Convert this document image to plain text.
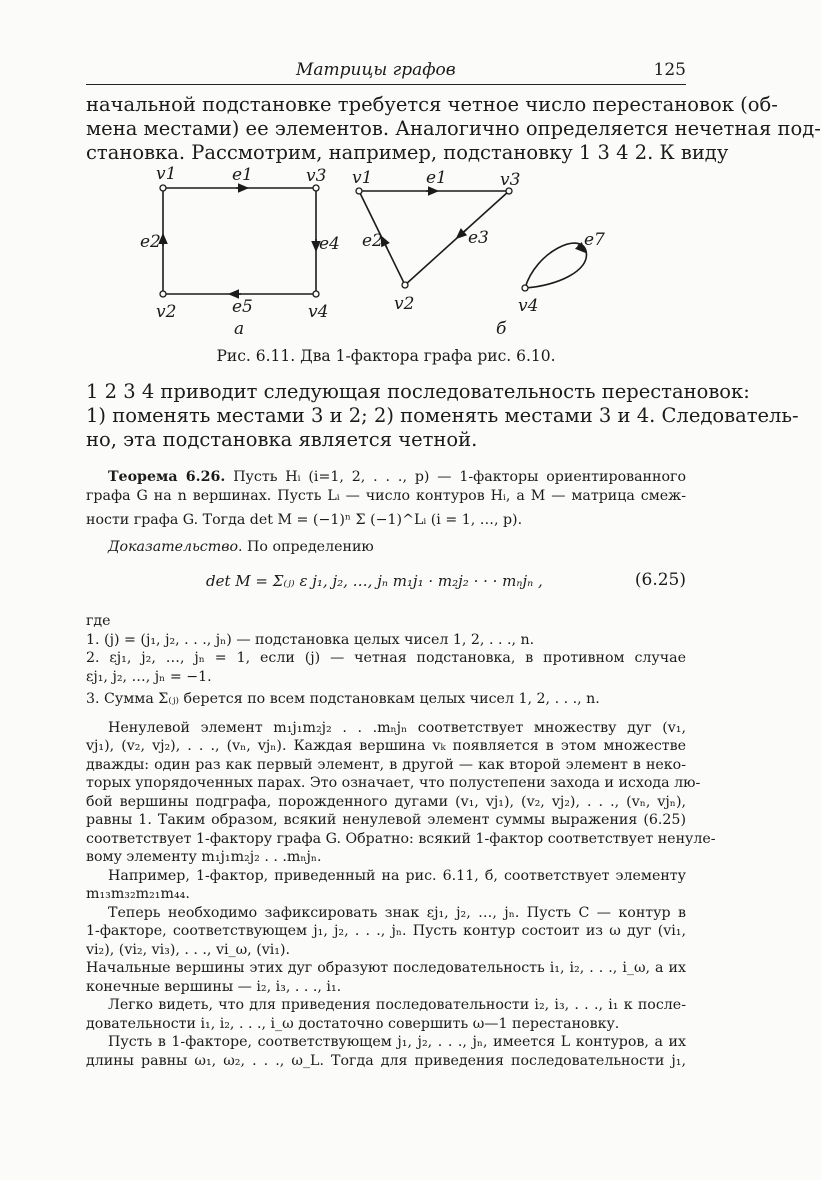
Матрицы графов	125

начальной подстановке требуется четное число перестановок (об-
мена местами) ее элементов. Аналогично определяется нечетная под-
становка. Рассмотрим, например, подстановку 1 3 4 2. К виду

v1	v3
e1
e2	e4
v2	e5	v4
а
v1	e1	v3
e2	e3	e7
v2	v4
б
Рис. 6.11. Два 1-фактора графа рис. 6.10.

1 2 3 4 приводит следующая последовательность перестановок:
1) поменять местами 3 и 2; 2) поменять местами 3 и 4. Следователь-
но, эта подстановка является четной.

Теорема 6.26. Пусть Hᵢ (i=1, 2, . . ., p) — 1-факторы ориентированного
графа G на n вершинах. Пусть Lᵢ — число контуров Hᵢ, а M — матрица смеж-
ности графа G. Тогда det M = (−1)ⁿ Σ (−1)^Lᵢ (i = 1, …, p).

Доказательство. По определению

det M = Σ₍ⱼ₎ ε j₁, j₂, …, jₙ m₁j₁ · m₂j₂ · · · mₙjₙ ,	(6.25)

где
1. (j) = (j₁, j₂, . . ., jₙ) — подстановка целых чисел 1, 2, . . ., n.
2. εj₁, j₂, …, jₙ = 1, если (j) — четная подстановка, в противном случае
εj₁, j₂, …, jₙ = −1.
3. Сумма Σ₍ⱼ₎ берется по всем подстановкам целых чисел 1, 2, . . ., n.

Ненулевой элемент m₁j₁m₂j₂ . . .mₙjₙ соответствует множеству дуг (v₁,
vj₁), (v₂, vj₂), . . ., (vₙ, vjₙ). Каждая вершина vₖ появляется в этом множестве
дважды: один раз как первый элемент, в другой — как второй элемент в неко-
торых упорядоченных парах. Это означает, что полустепени захода и исхода лю-
бой вершины подграфа, порожденного дугами (v₁, vj₁), (v₂, vj₂), . . ., (vₙ, vjₙ),
равны 1. Таким образом, всякий ненулевой элемент суммы выражения (6.25)
соответствует 1-фактору графа G. Обратно: всякий 1-фактор соответствует ненуле-
вому элементу m₁j₁m₂j₂ . . .mₙjₙ.
Например, 1-фактор, приведенный на рис. 6.11, б, соответствует элементу
m₁₃m₃₂m₂₁m₄₄.
Теперь необходимо зафиксировать знак εj₁, j₂, …, jₙ. Пусть C — контур в
1-факторе, соответствующем j₁, j₂, . . ., jₙ. Пусть контур состоит из ω дуг (vi₁,
vi₂), (vi₂, vi₃), . . ., vi_ω, (vi₁).
Начальные вершины этих дуг образуют последовательность i₁, i₂, . . ., i_ω, а их
конечные вершины — i₂, i₃, . . ., i₁.
Легко видеть, что для приведения последовательности i₂, i₃, . . ., i₁ к после-
довательности i₁, i₂, . . ., i_ω достаточно совершить ω—1 перестановку.
Пусть в 1-факторе, соответствующем j₁, j₂, . . ., jₙ, имеется L контуров, а их
длины равны ω₁, ω₂, . . ., ω_L. Тогда для приведения последовательности j₁,
